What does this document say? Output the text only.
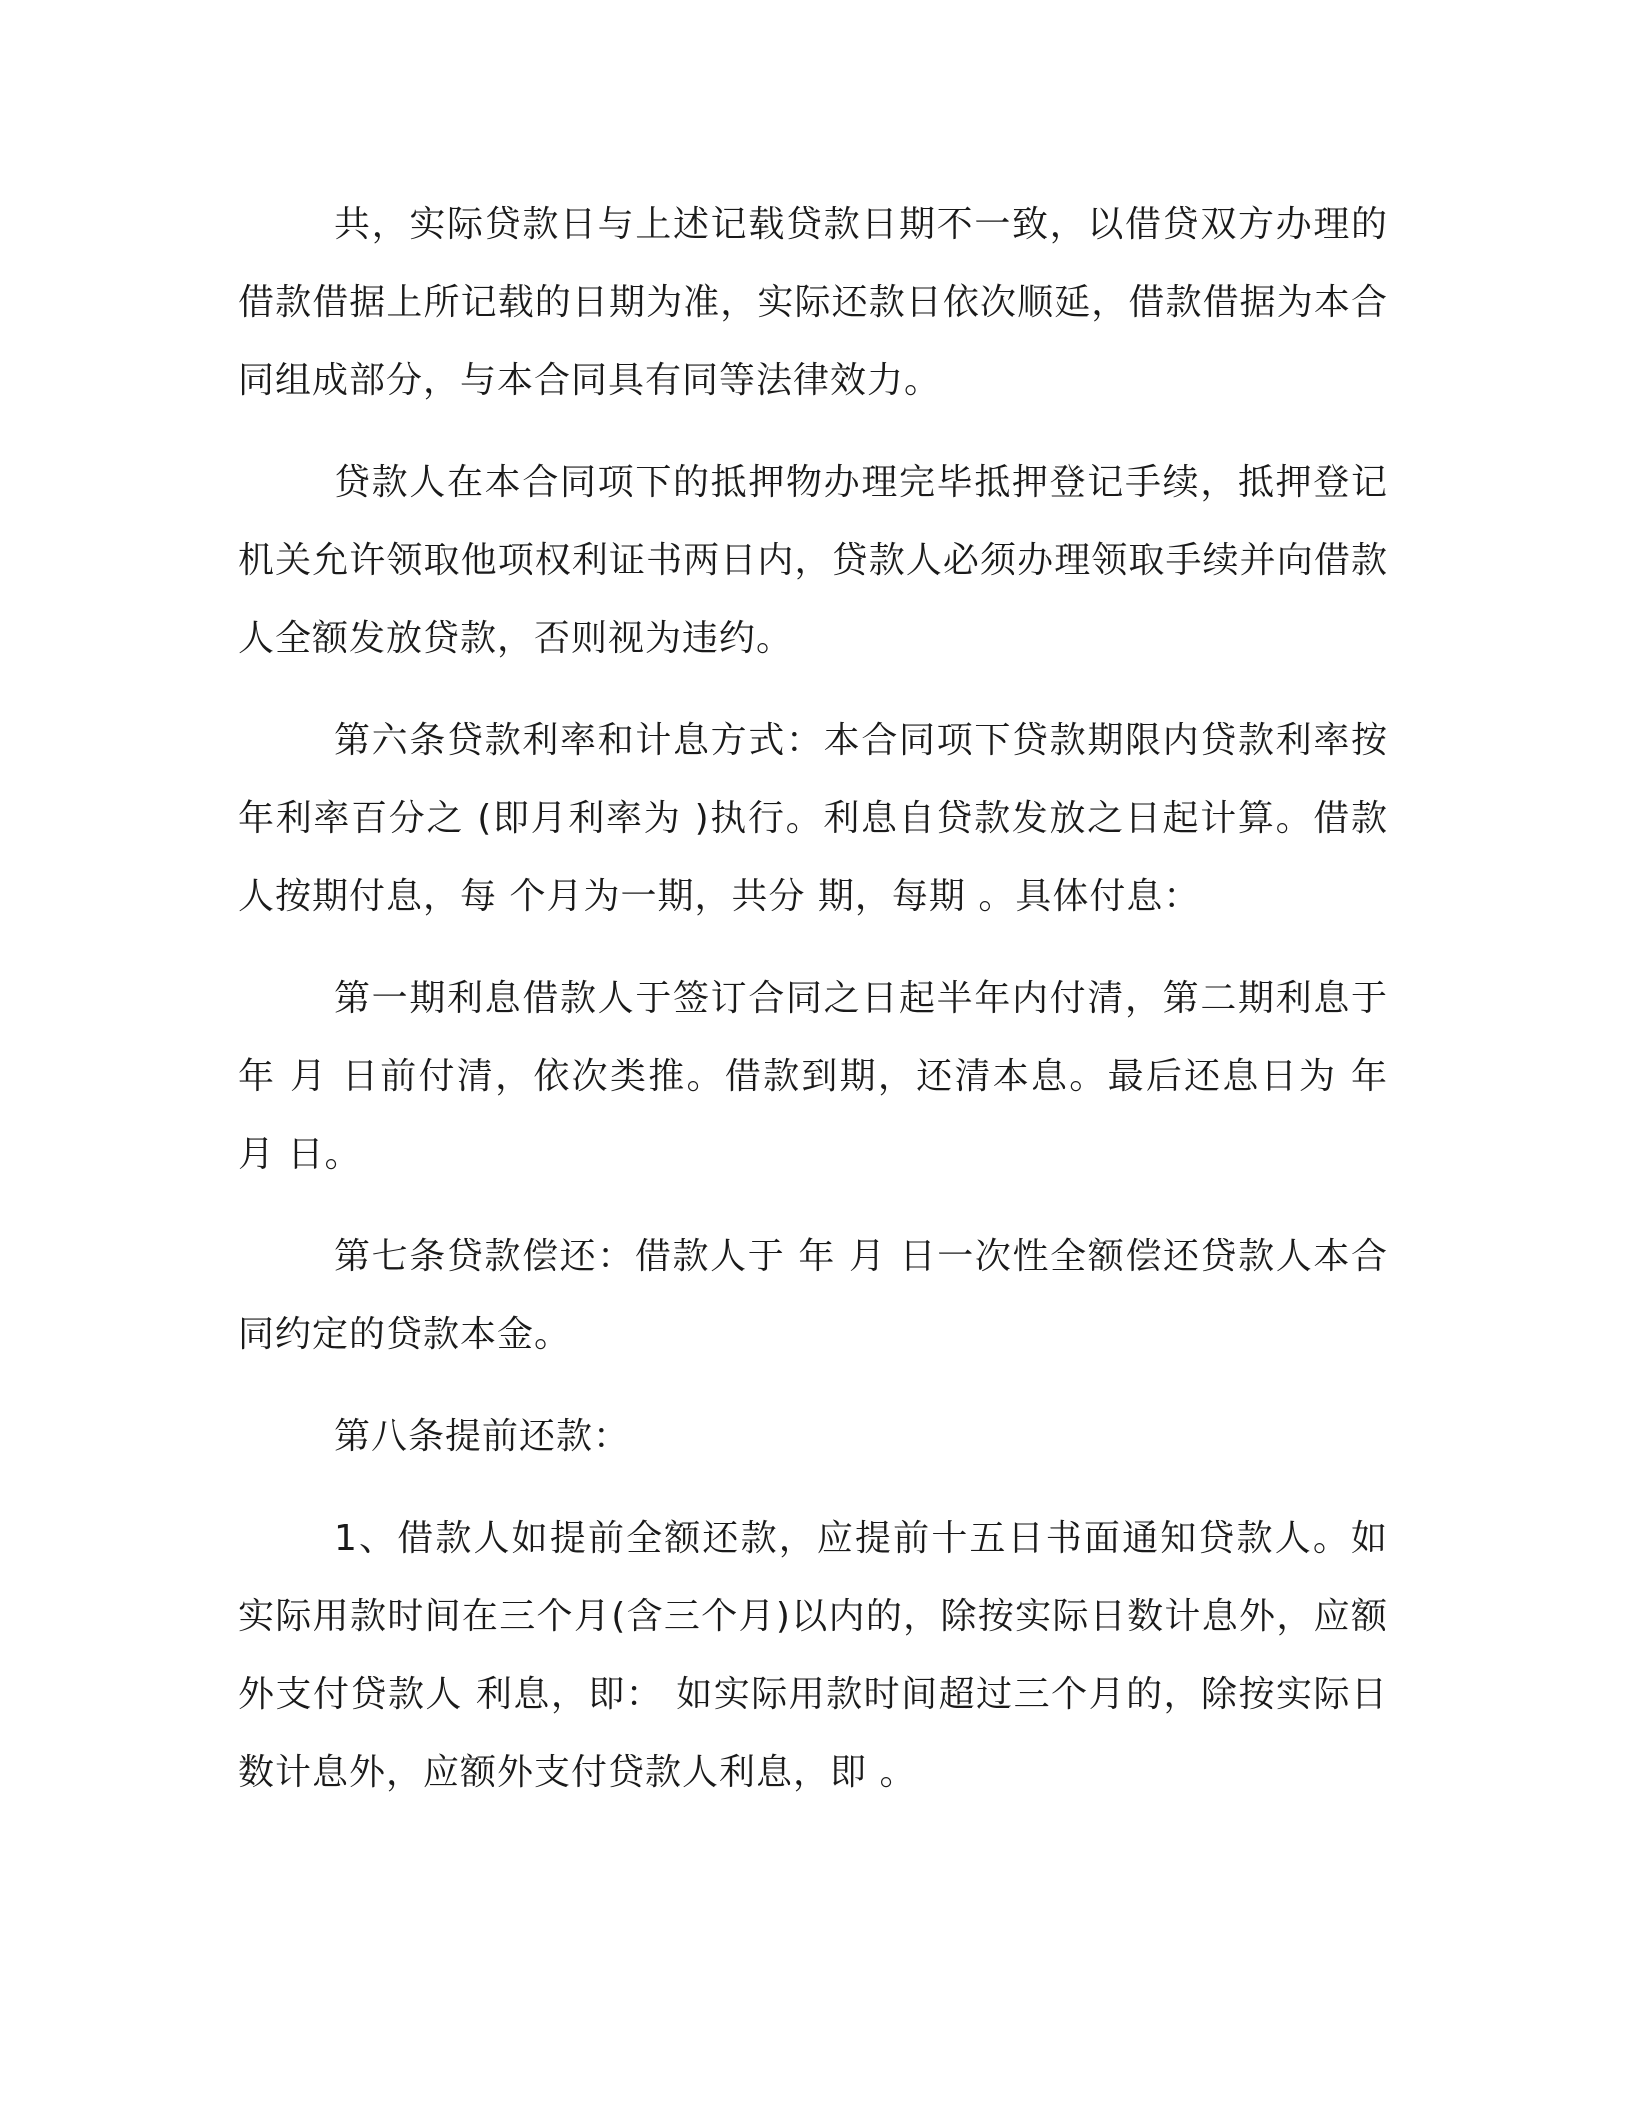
共，实际贷款日与上述记载贷款日期不一致，以借贷双方办理的借款借据上所记载的日期为准，实际还款日依次顺延，借款借据为本合同组成部分，与本合同具有同等法律效力。

贷款人在本合同项下的抵押物办理完毕抵押登记手续，抵押登记机关允许领取他项权利证书两日内，贷款人必须办理领取手续并向借款人全额发放贷款，否则视为违约。

第六条贷款利率和计息方式：本合同项下贷款期限内贷款利率按年利率百分之 (即月利率为 )执行。利息自贷款发放之日起计算。借款人按期付息，每 个月为一期，共分 期，每期 。具体付息：

第一期利息借款人于签订合同之日起半年内付清，第二期利息于 年 月 日前付清，依次类推。借款到期，还清本息。最后还息日为 年 月 日。

第七条贷款偿还：借款人于 年 月 日一次性全额偿还贷款人本合同约定的贷款本金。

第八条提前还款：

1、借款人如提前全额还款，应提前十五日书面通知贷款人。如实际用款时间在三个月(含三个月)以内的，除按实际日数计息外，应额外支付贷款人 利息，即： 如实际用款时间超过三个月的，除按实际日数计息外，应额外支付贷款人利息，即 。
